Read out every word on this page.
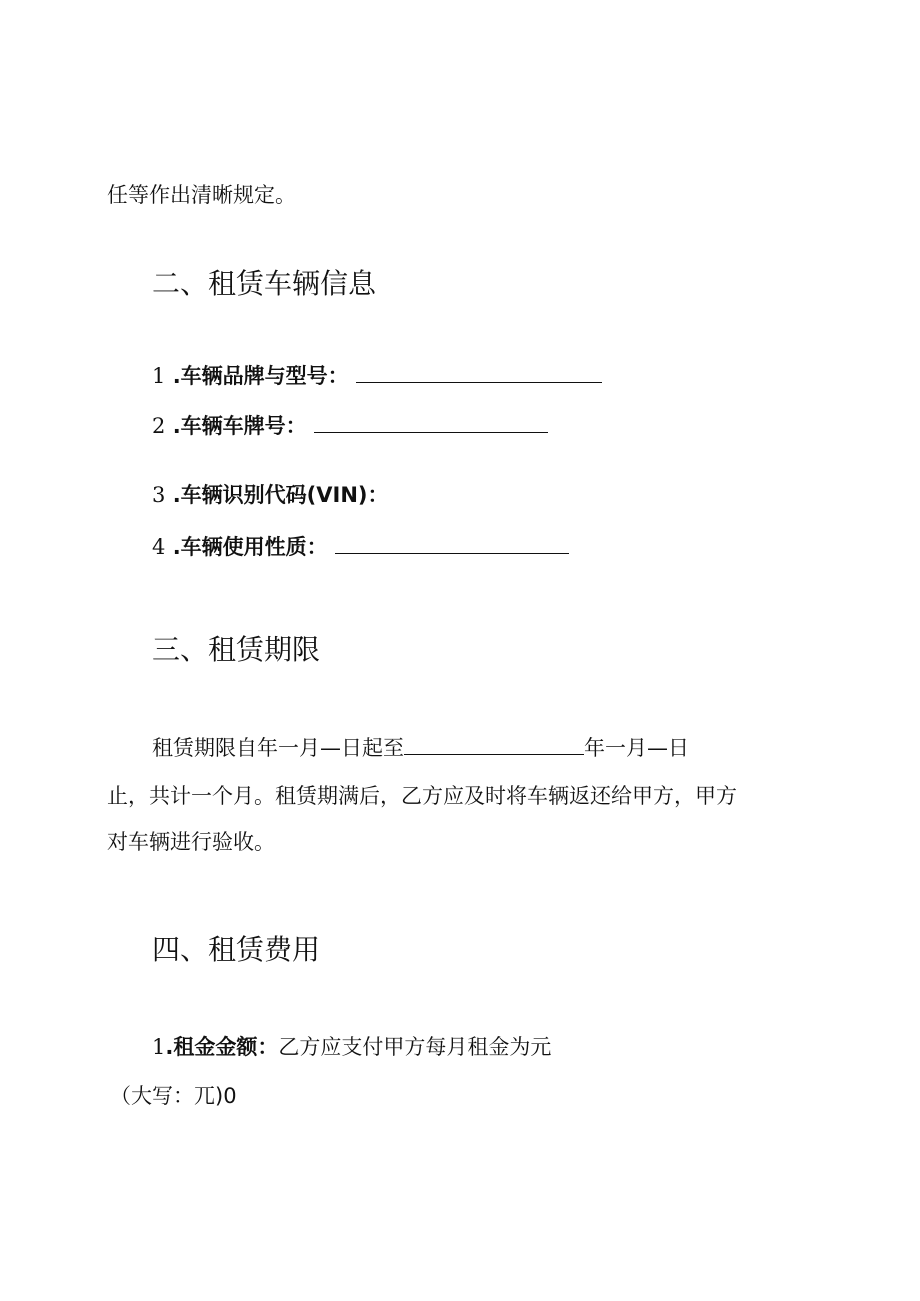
任等作出清晰规定。
二、租赁车辆信息
1 .车辆品牌与型号：
2 .车辆车牌号：
3 .车辆识别代码(VIN)：
4 .车辆使用性质：
三、租赁期限
租赁期限自年一月—日起至	年一月—日
止，共计一个月。租赁期满后，乙方应及时将车辆返还给甲方，甲方
对车辆进行验收。
四、租赁费用
1.租金金额：乙方应支付甲方每月租金为元
（大写：兀)0
